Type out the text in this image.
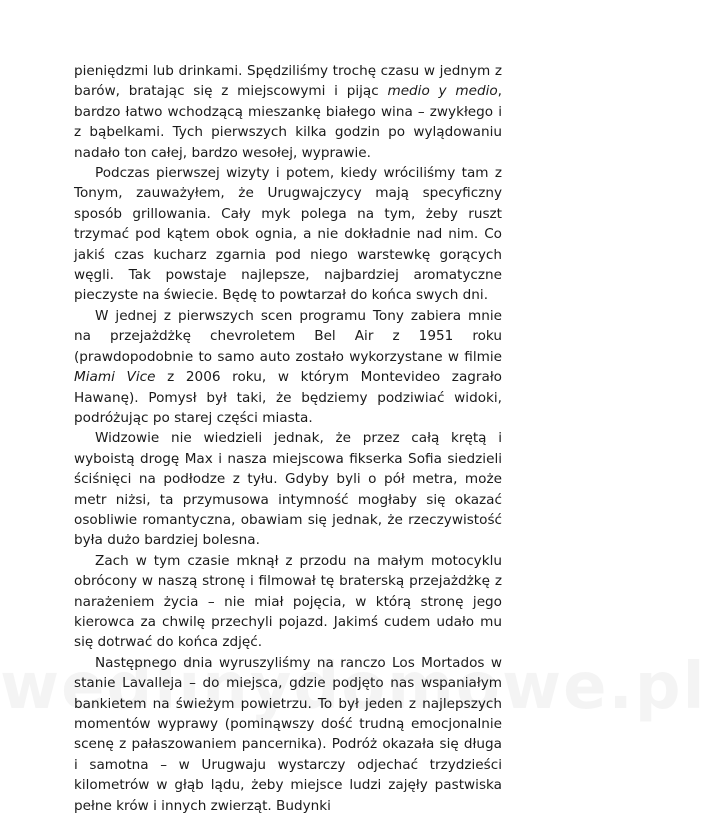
pieniędzmi lub drinkami. Spędziliśmy trochę czasu w jednym z barów, bratając się z miejscowymi i pijąc medio y medio, bardzo łatwo wchodzącą mieszankę białego wina – zwykłego i z bąbelkami. Tych pierwszych kilka godzin po wylądowaniu nadało ton całej, bardzo wesołej, wyprawie.

Podczas pierwszej wizyty i potem, kiedy wróciliśmy tam z Tonym, zauważyłem, że Urugwajczycy mają specyficzny sposób grillowania. Cały myk polega na tym, żeby ruszt trzymać pod kątem obok ognia, a nie dokładnie nad nim. Co jakiś czas kucharz zgarnia pod niego warstewkę gorących węgli. Tak powstaje najlepsze, najbardziej aromatyczne pieczyste na świecie. Będę to powtarzał do końca swych dni.

W jednej z pierwszych scen programu Tony zabiera mnie na przejażdżkę chevroletem Bel Air z 1951 roku (prawdopodobnie to samo auto zostało wykorzystane w filmie Miami Vice z 2006 roku, w którym Montevideo zagrało Hawanę). Pomysł był taki, że będziemy podziwiać widoki, podróżując po starej części miasta.

Widzowie nie wiedzieli jednak, że przez całą krętą i wyboistą drogę Max i nasza miejscowa fikserka Sofia siedzieli ściśnięci na podłodze z tyłu. Gdyby byli o pół metra, może metr niżsi, ta przymusowa intymność mogłaby się okazać osobliwie romantyczna, obawiam się jednak, że rzeczywistość była dużo bardziej bolesna.

Zach w tym czasie mknął z przodu na małym motocyklu obrócony w naszą stronę i filmował tę braterską przejażdżkę z narażeniem życia – nie miał pojęcia, w którą stronę jego kierowca za chwilę przechyli pojazd. Jakimś cudem udało mu się dotrwać do końca zdjęć.

Następnego dnia wyruszyliśmy na ranczo Los Mortados w stanie Lavalleja – do miejsca, gdzie podjęto nas wspaniałym bankietem na świeżym powietrzu. To był jeden z najlepszych momentów wyprawy (pominąwszy dość trudną emocjonalnie scenę z pałaszowaniem pancernika). Podróż okazała się długa i samotna – w Urugwaju wystarczy odjechać trzydzieści kilometrów w głąb lądu, żeby miejsce ludzi zajęły pastwiska pełne krów i innych zwierząt. Budynki
